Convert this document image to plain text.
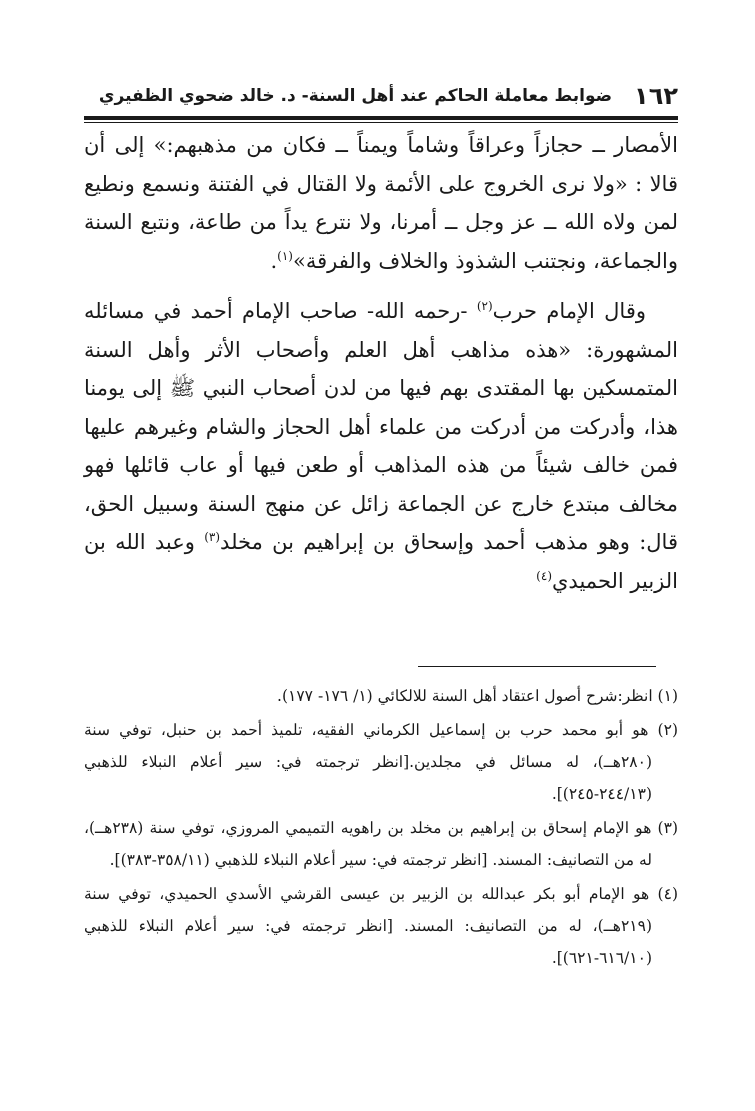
١٦٢
ضوابط معاملة الحاكم عند أهل السنة- د. خالد ضحوي الظفيري

الأمصار ــ حجازاً وعراقاً وشاماً ويمناً ــ فكان من مذهبهم:» إلى أن قالا : «ولا نرى الخروج على الأئمة ولا القتال في الفتنة ونسمع ونطيع لمن ولاه الله ــ عز وجل ــ أمرنا، ولا نترع يداً من طاعة، ونتبع السنة والجماعة، ونجتنب الشذوذ والخلاف والفرقة»$^{(١)}$.

وقال الإمام حرب$^{(٢)}$ -رحمه الله- صاحب الإمام أحمد في مسائله المشهورة: «هذه مذاهب أهل العلم وأصحاب الأثر وأهل السنة المتمسكين بها المقتدى بهم فيها من لدن أصحاب النبي ﷺ إلى يومنا هذا، وأدركت من أدركت من علماء أهل الحجاز والشام وغيرهم عليها فمن خالف شيئاً من هذه المذاهب أو طعن فيها أو عاب قائلها فهو مخالف مبتدع خارج عن الجماعة زائل عن منهج السنة وسبيل الحق، قال: وهو مذهب أحمد وإسحاق بن إبراهيم بن مخلد$^{(٣)}$ وعبد الله بن الزبير الحميدي$^{(٤)}$

(١) انظر:شرح أصول اعتقاد أهل السنة للالكائي (١/ ١٧٦- ١٧٧).

(٢) هو أبو محمد حرب بن إسماعيل الكرماني الفقيه، تلميذ أحمد بن حنبل، توفي سنة (٢٨٠هــ)، له مسائل في مجلدين.[انظر ترجمته في: سير أعلام النبلاء للذهبي (٢٤٤/١٣-٢٤٥)].

(٣) هو الإمام إسحاق بن إبراهيم بن مخلد بن راهويه التميمي المروزي، توفي سنة (٢٣٨هــ)، له من التصانيف: المسند. [انظر ترجمته في: سير أعلام النبلاء للذهبي (٣٥٨/١١-٣٨٣)].

(٤) هو الإمام أبو بكر عبدالله بن الزبير بن عيسى القرشي الأسدي الحميدي، توفي سنة (٢١٩هــ)، له من التصانيف: المسند. [انظر ترجمته في: سير أعلام النبلاء للذهبي (٦١٦/١٠-٦٢١)].
